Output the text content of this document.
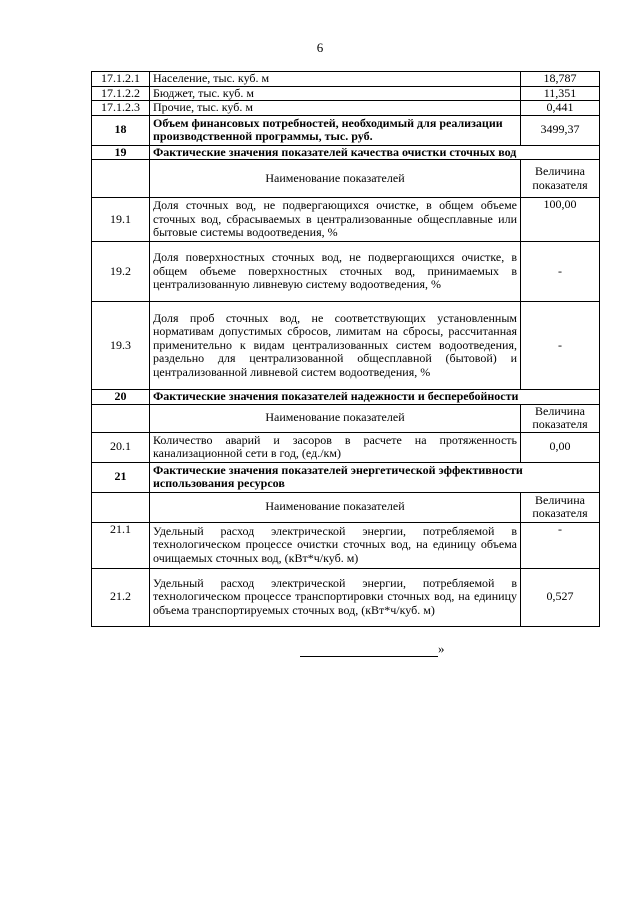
6
17.1.2.1	Население, тыс. куб. м	18,787
17.1.2.2	Бюджет, тыс. куб. м	11,351
17.1.2.3	Прочие, тыс. куб. м	0,441
18	Объем финансовых потребностей, необходимый для реализации производственной программы, тыс. руб.	3499,37
19	Фактические значения показателей качества очистки сточных вод	
	Наименование показателей	Величина показателя
19.1	Доля сточных вод, не подвергающихся очистке, в общем объеме сточных вод, сбрасываемых в централизованные общесплавные или бытовые системы водоотведения, %	100,00
19.2	Доля поверхностных сточных вод, не подвергающихся очистке, в общем объеме поверхностных сточных вод, принимаемых в централизованную ливневую систему водоотведения, %	-
19.3	Доля проб сточных вод, не соответствующих установленным нормативам допустимых сбросов, лимитам на сбросы, рассчитанная применительно к видам централизованных систем водоотведения, раздельно для централизованной общесплавной (бытовой) и централизованной ливневой систем водоотведения, %	-
20	Фактические значения показателей надежности и бесперебойности	
	Наименование показателей	Величина показателя
20.1	Количество аварий и засоров в расчете на протяженность канализационной сети в год, (ед./км)	0,00
21	Фактические значения показателей энергетической эффективности использования ресурсов	
	Наименование показателей	Величина показателя
21.1	Удельный расход электрической энергии, потребляемой в технологическом процессе очистки сточных вод, на единицу объема очищаемых сточных вод, (кВт*ч/куб. м)	-
21.2	Удельный расход электрической энергии, потребляемой в технологическом процессе транспортировки сточных вод, на единицу объема транспортируемых сточных вод, (кВт*ч/куб. м)	0,527
»
